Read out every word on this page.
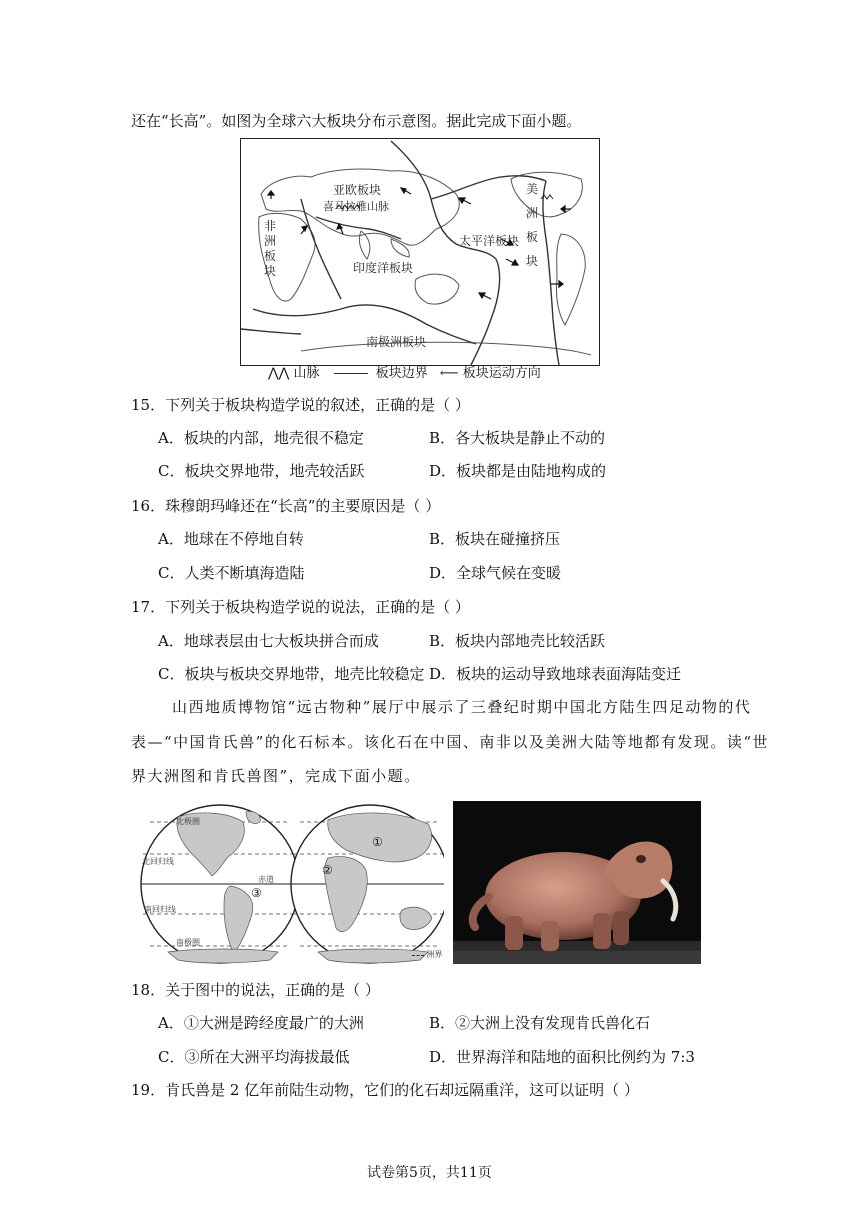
还在“长高”。如图为全球六大板块分布示意图。据此完成下面小题。
亚欧板块
喜马拉雅山脉
非洲板块	印度洋板块
太平洋板块
美洲板块
南极洲板块
⋀⋀ 山脉	板块边界 ⟵ 板块运动方向
15．下列关于板块构造学说的叙述，正确的是（ ）
A．板块的内部，地壳很不稳定	B．各大板块是静止不动的
C．板块交界地带，地壳较活跃	D．板块都是由陆地构成的
16．珠穆朗玛峰还在“长高”的主要原因是（ ）
A．地球在不停地自转	B．板块在碰撞挤压
C．人类不断填海造陆	D．全球气候在变暖
17．下列关于板块构造学说的说法，正确的是（ ）
A．地球表层由七大板块拼合而成	B．板块内部地壳比较活跃
C．板块与板块交界地带，地壳比较稳定 D．板块的运动导致地球表面海陆变迁
山西地质博物馆“远古物种”展厅中展示了三叠纪时期中国北方陆生四足动物的代
表—“中国肯氏兽”的化石标本。该化石在中国、南非以及美洲大陆等地都有发现。读“世
界大洲图和肯氏兽图”，完成下面小题。
北极圈
北回归线
赤道
南回归线
南极圈
①
②
③
洲界
18．关于图中的说法，正确的是（ ）
A．①大洲是跨经度最广的大洲	B．②大洲上没有发现肯氏兽化石
C．③所在大洲平均海拔最低	D．世界海洋和陆地的面积比例约为 7:3
19．肯氏兽是 2 亿年前陆生动物，它们的化石却远隔重洋，这可以证明（ ）
试卷第5页，共11页
